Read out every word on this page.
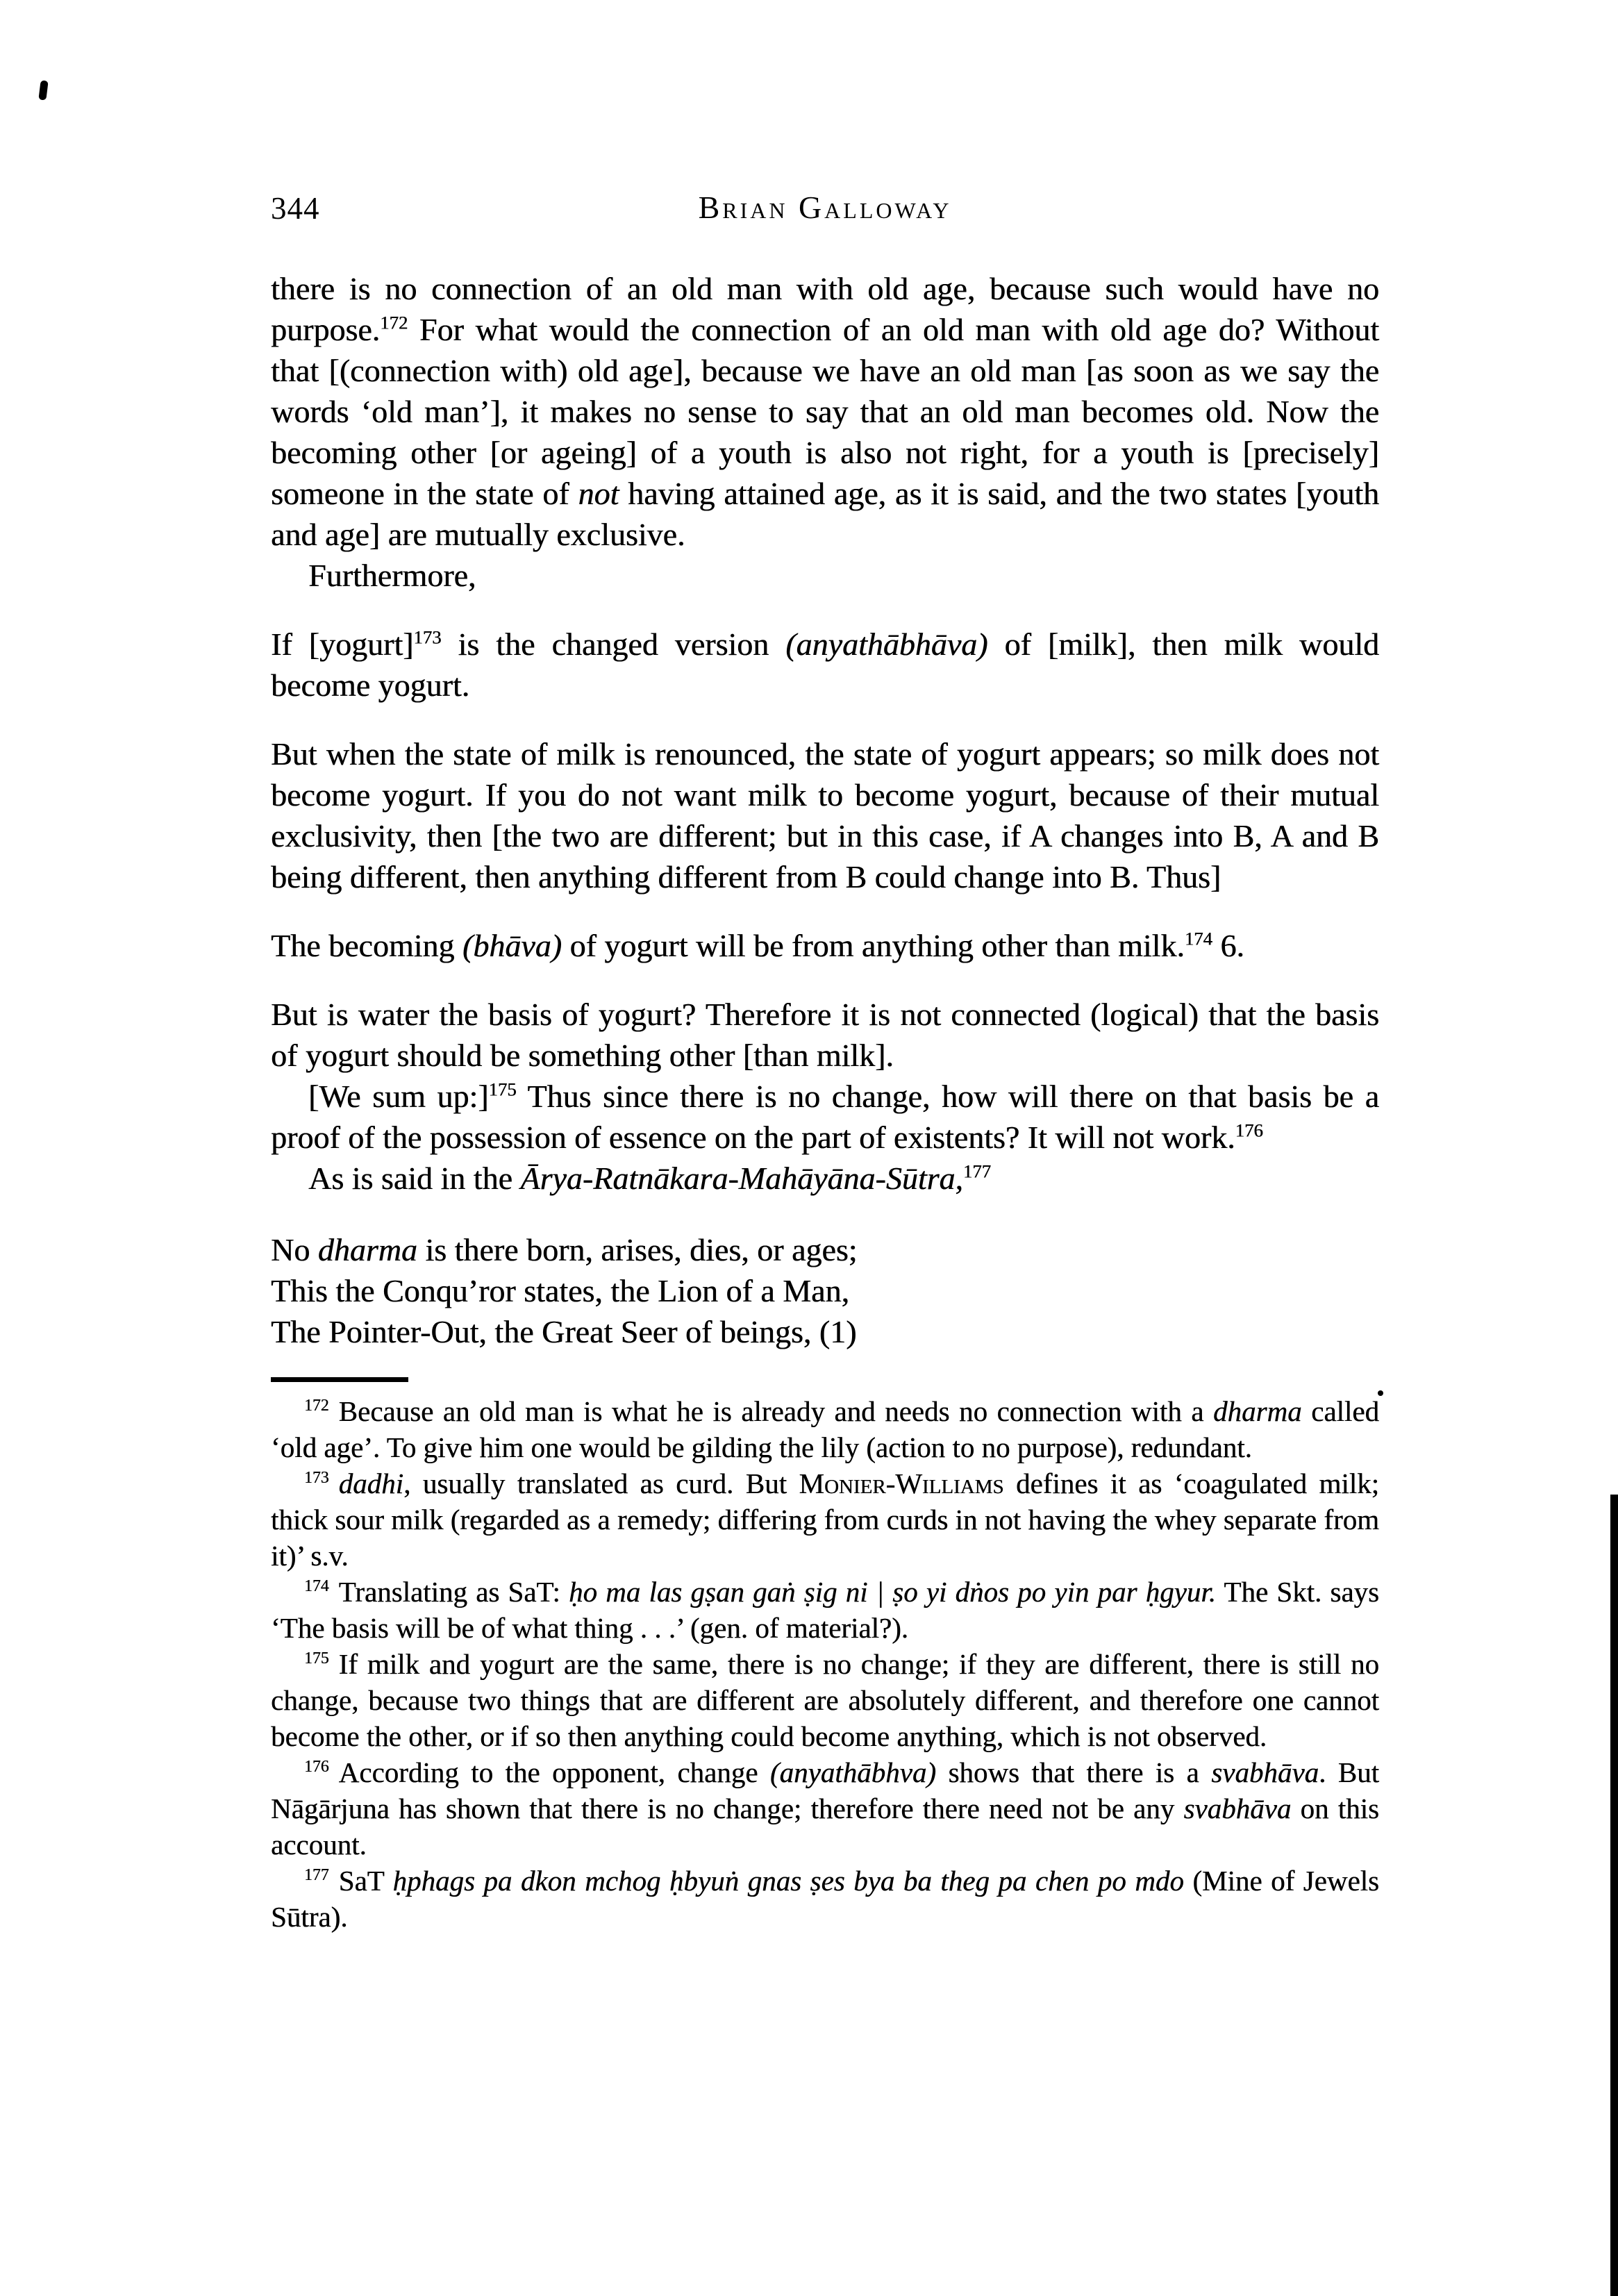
344	Brian Galloway
there is no connection of an old man with old age, because such would have no purpose.$^{172}$ For what would the connection of an old man with old age do? Without that [(connection with) old age], because we have an old man [as soon as we say the words ‘old man’], it makes no sense to say that an old man becomes old. Now the becoming other [or ageing] of a youth is also not right, for a youth is [precisely] someone in the state of not having attained age, as it is said, and the two states [youth and age] are mutually exclusive.
Furthermore,
If [yogurt]$^{173}$ is the changed version (anyathābhāva) of [milk], then milk would become yogurt.
But when the state of milk is renounced, the state of yogurt appears; so milk does not become yogurt. If you do not want milk to become yogurt, because of their mutual exclusivity, then [the two are different; but in this case, if A changes into B, A and B being different, then anything different from B could change into B. Thus]
The becoming (bhāva) of yogurt will be from anything other than milk.$^{174}$ 6.
But is water the basis of yogurt? Therefore it is not connected (logical) that the basis of yogurt should be something other [than milk].
[We sum up:]$^{175}$ Thus since there is no change, how will there on that basis be a proof of the possession of essence on the part of existents? It will not work.$^{176}$
As is said in the Ārya-Ratnākara-Mahāyāna-Sūtra,$^{177}$
No dharma is there born, arises, dies, or ages;
This the Conqu’ror states, the Lion of a Man,
The Pointer-Out, the Great Seer of beings, (1)
$^{172}$ Because an old man is what he is already and needs no connection with a dharma called ‘old age’. To give him one would be gilding the lily (action to no purpose), redundant.
$^{173}$ dadhi, usually translated as curd. But Monier-Williams defines it as ‘coagulated milk; thick sour milk (regarded as a remedy; differing from curds in not having the whey separate from it)’ s.v.
$^{174}$ Translating as SaT: ḥo ma las gṣan gaṅ ṣig ni | ṣo yi dṅos po yin par ḥgyur. The Skt. says ‘The basis will be of what thing . . .’ (gen. of material?).
$^{175}$ If milk and yogurt are the same, there is no change; if they are different, there is still no change, because two things that are different are absolutely different, and therefore one cannot become the other, or if so then anything could become anything, which is not observed.
$^{176}$ According to the opponent, change (anyathābhva) shows that there is a svabhāva. But Nāgārjuna has shown that there is no change; therefore there need not be any svabhāva on this account.
$^{177}$ SaT ḥphags pa dkon mchog ḥbyuṅ gnas ṣes bya ba theg pa chen po mdo (Mine of Jewels Sūtra).
